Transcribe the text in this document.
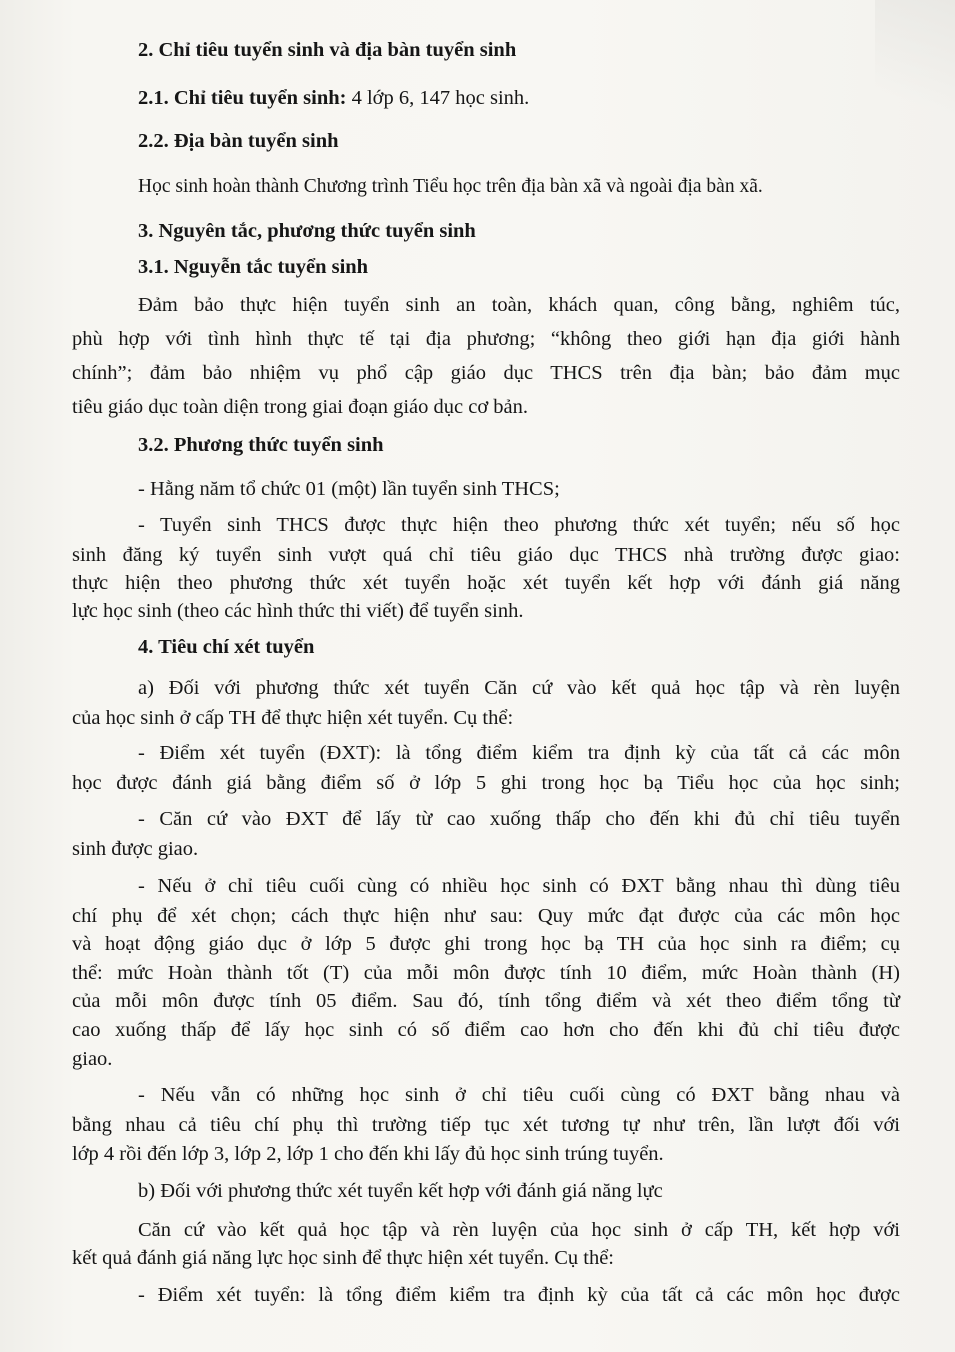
2. Chỉ tiêu tuyển sinh và địa bàn tuyển sinh
2.1. Chỉ tiêu tuyển sinh: 4 lớp 6, 147 học sinh.
2.2. Địa bàn tuyển sinh
Học sinh hoàn thành Chương trình Tiểu học trên địa bàn xã và ngoài địa bàn xã.
3. Nguyên tắc, phương thức tuyển sinh
3.1. Nguyễn tắc tuyển sinh
Đảm bảo thực hiện tuyển sinh an toàn, khách quan, công bằng, nghiêm túc,
phù hợp với tình hình thực tế tại địa phương; “không theo giới hạn địa giới hành
chính”; đảm bảo nhiệm vụ phổ cập giáo dục THCS trên địa bàn; bảo đảm mục
tiêu giáo dục toàn diện trong giai đoạn giáo dục cơ bản.
3.2. Phương thức tuyển sinh
- Hằng năm tổ chức 01 (một) lần tuyển sinh THCS;
- Tuyển sinh THCS được thực hiện theo phương thức xét tuyển; nếu số học
sinh đăng ký tuyển sinh vượt quá chỉ tiêu giáo dục THCS nhà trường được giao:
thực hiện theo phương thức xét tuyển hoặc xét tuyển kết hợp với đánh giá năng
lực học sinh (theo các hình thức thi viết) để tuyển sinh.
4. Tiêu chí xét tuyển
a) Đối với phương thức xét tuyển Căn cứ vào kết quả học tập và rèn luyện
của học sinh ở cấp TH để thực hiện xét tuyển. Cụ thể:
- Điểm xét tuyển (ĐXT): là tổng điểm kiểm tra định kỳ của tất cả các môn
học được đánh giá bằng điểm số ở lớp 5 ghi trong học bạ Tiểu học của học sinh;
- Căn cứ vào ĐXT để lấy từ cao xuống thấp cho đến khi đủ chỉ tiêu tuyển
sinh được giao.
- Nếu ở chỉ tiêu cuối cùng có nhiều học sinh có ĐXT bằng nhau thì dùng tiêu
chí phụ để xét chọn; cách thực hiện như sau: Quy mức đạt được của các môn học
và hoạt động giáo dục ở lớp 5 được ghi trong học bạ TH của học sinh ra điểm; cụ
thể: mức Hoàn thành tốt (T) của mỗi môn được tính 10 điểm, mức Hoàn thành (H)
của mỗi môn được tính 05 điểm. Sau đó, tính tổng điểm và xét theo điểm tổng từ
cao xuống thấp để lấy học sinh có số điểm cao hơn cho đến khi đủ chỉ tiêu được
giao.
- Nếu vẫn có những học sinh ở chỉ tiêu cuối cùng có ĐXT bằng nhau và
bằng nhau cả tiêu chí phụ thì trường tiếp tục xét tương tự như trên, lần lượt đối với
lớp 4 rồi đến lớp 3, lớp 2, lớp 1 cho đến khi lấy đủ học sinh trúng tuyển.
b) Đối với phương thức xét tuyển kết hợp với đánh giá năng lực
Căn cứ vào kết quả học tập và rèn luyện của học sinh ở cấp TH, kết hợp với
kết quả đánh giá năng lực học sinh để thực hiện xét tuyển. Cụ thể:
- Điểm xét tuyển: là tổng điểm kiểm tra định kỳ của tất cả các môn học được
